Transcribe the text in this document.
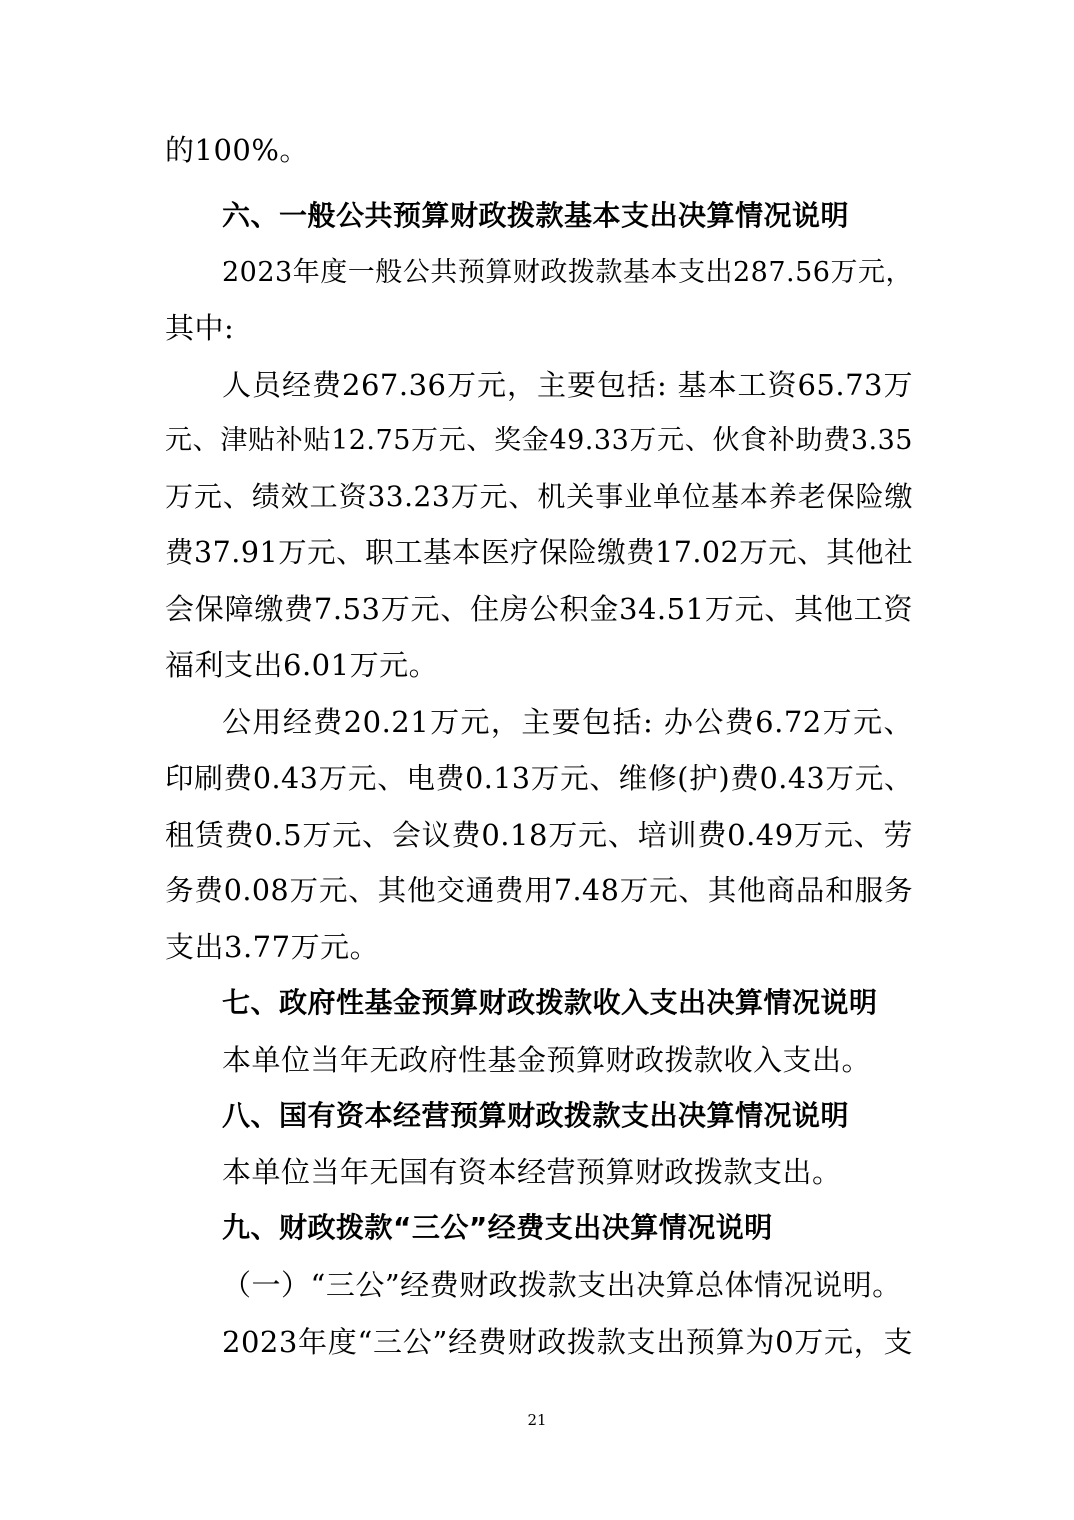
的100%。
六、一般公共预算财政拨款基本支出决算情况说明
2023年度一般公共预算财政拨款基本支出287.56万元，
其中:
人员经费267.36万元，主要包括: 基本工资65.73万
元、津贴补贴12.75万元、奖金49.33万元、伙食补助费3.35
万元、绩效工资33.23万元、机关事业单位基本养老保险缴
费37.91万元、职工基本医疗保险缴费17.02万元、其他社
会保障缴费7.53万元、住房公积金34.51万元、其他工资
福利支出6.01万元。
公用经费20.21万元，主要包括: 办公费6.72万元、
印刷费0.43万元、电费0.13万元、维修(护)费0.43万元、
租赁费0.5万元、会议费0.18万元、培训费0.49万元、劳
务费0.08万元、其他交通费用7.48万元、其他商品和服务
支出3.77万元。
七、政府性基金预算财政拨款收入支出决算情况说明
本单位当年无政府性基金预算财政拨款收入支出。
八、国有资本经营预算财政拨款支出决算情况说明
本单位当年无国有资本经营预算财政拨款支出。
九、财政拨款“三公”经费支出决算情况说明
（一）“三公”经费财政拨款支出决算总体情况说明。
2023年度“三公”经费财政拨款支出预算为0万元，支
21
